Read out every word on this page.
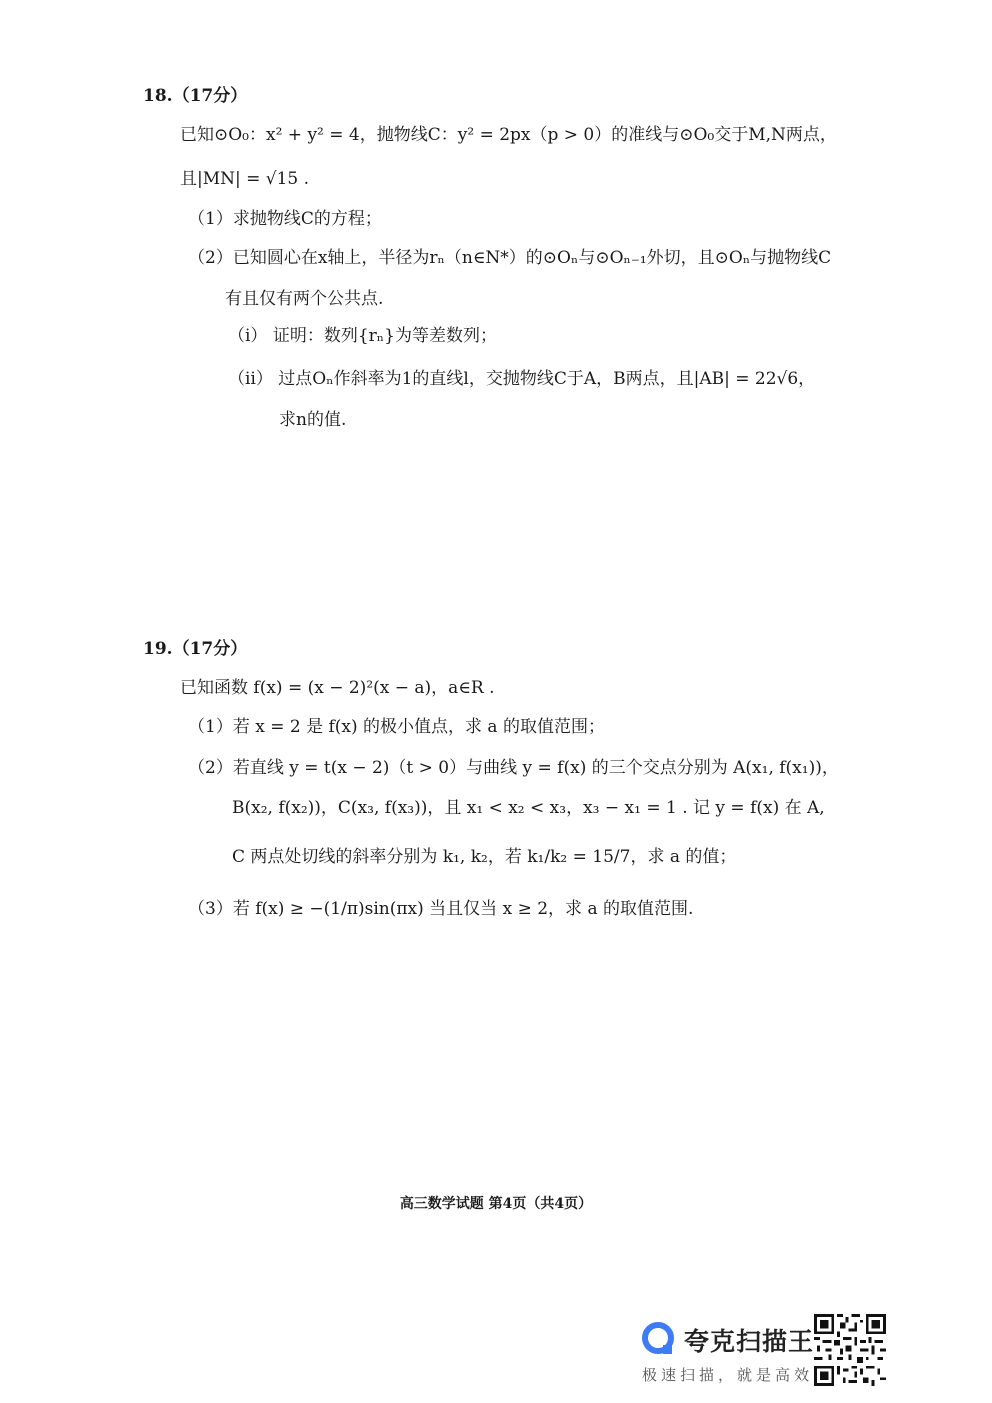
18.（17分）
已知⊙O₀：x² + y² = 4，抛物线C：y² = 2px（p > 0）的准线与⊙O₀交于M,N两点，
且|MN| = √15 .
（1）求抛物线C的方程；
（2）已知圆心在x轴上，半径为rₙ（n∈N*）的⊙Oₙ与⊙Oₙ₋₁外切，且⊙Oₙ与抛物线C
有且仅有两个公共点.
（ⅰ） 证明：数列{rₙ}为等差数列；
（ⅱ） 过点Oₙ作斜率为1的直线l，交抛物线C于A，B两点，且|AB| = 22√6，
求n的值.
19.（17分）
已知函数 f(x) = (x − 2)²(x − a)，a∈R .
（1）若 x = 2 是 f(x) 的极小值点，求 a 的取值范围；
（2）若直线 y = t(x − 2)（t > 0）与曲线 y = f(x) 的三个交点分别为 A(x₁, f(x₁))，
B(x₂, f(x₂))，C(x₃, f(x₃))，且 x₁ < x₂ < x₃，x₃ − x₁ = 1 . 记 y = f(x) 在 A,
C 两点处切线的斜率分别为 k₁, k₂，若 k₁/k₂ = 15/7，求 a 的值；
（3）若 f(x) ≥ −(1/π)sin(πx) 当且仅当 x ≥ 2，求 a 的取值范围.
高三数学试题 第4页（共4页）
夸克扫描王
极速扫描，就是高效
